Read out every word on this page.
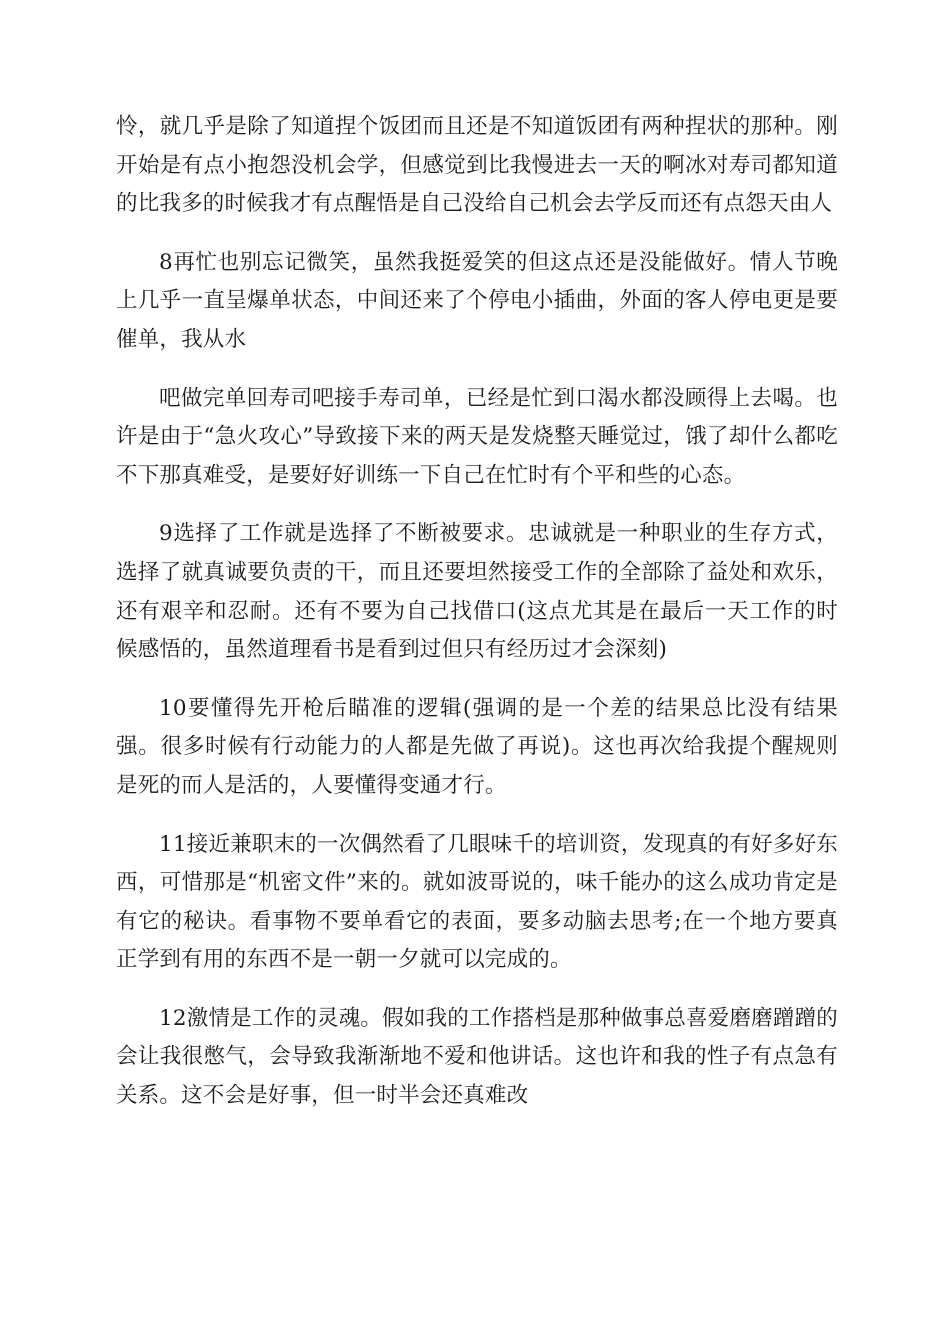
怜，就几乎是除了知道捏个饭团而且还是不知道饭团有两种捏状的那种。刚开始是有点小抱怨没机会学，但感觉到比我慢进去一天的啊冰对寿司都知道的比我多的时候我才有点醒悟是自己没给自己机会去学反而还有点怨天由人

8再忙也别忘记微笑，虽然我挺爱笑的但这点还是没能做好。情人节晚上几乎一直呈爆单状态，中间还来了个停电小插曲，外面的客人停电更是要催单，我从水

吧做完单回寿司吧接手寿司单，已经是忙到口渴水都没顾得上去喝。也许是由于“急火攻心”导致接下来的两天是发烧整天睡觉过，饿了却什么都吃不下那真难受，是要好好训练一下自己在忙时有个平和些的心态。

9选择了工作就是选择了不断被要求。忠诚就是一种职业的生存方式，选择了就真诚要负责的干，而且还要坦然接受工作的全部除了益处和欢乐，还有艰辛和忍耐。还有不要为自己找借口(这点尤其是在最后一天工作的时候感悟的，虽然道理看书是看到过但只有经历过才会深刻)

10要懂得先开枪后瞄准的逻辑(强调的是一个差的结果总比没有结果强。很多时候有行动能力的人都是先做了再说)。这也再次给我提个醒规则是死的而人是活的，人要懂得变通才行。

11接近兼职末的一次偶然看了几眼味千的培训资，发现真的有好多好东西，可惜那是“机密文件”来的。就如波哥说的，味千能办的这么成功肯定是有它的秘诀。看事物不要单看它的表面，要多动脑去思考;在一个地方要真正学到有用的东西不是一朝一夕就可以完成的。

12激情是工作的灵魂。假如我的工作搭档是那种做事总喜爱磨磨蹭蹭的会让我很憋气，会导致我渐渐地不爱和他讲话。这也许和我的性子有点急有关系。这不会是好事，但一时半会还真难改
